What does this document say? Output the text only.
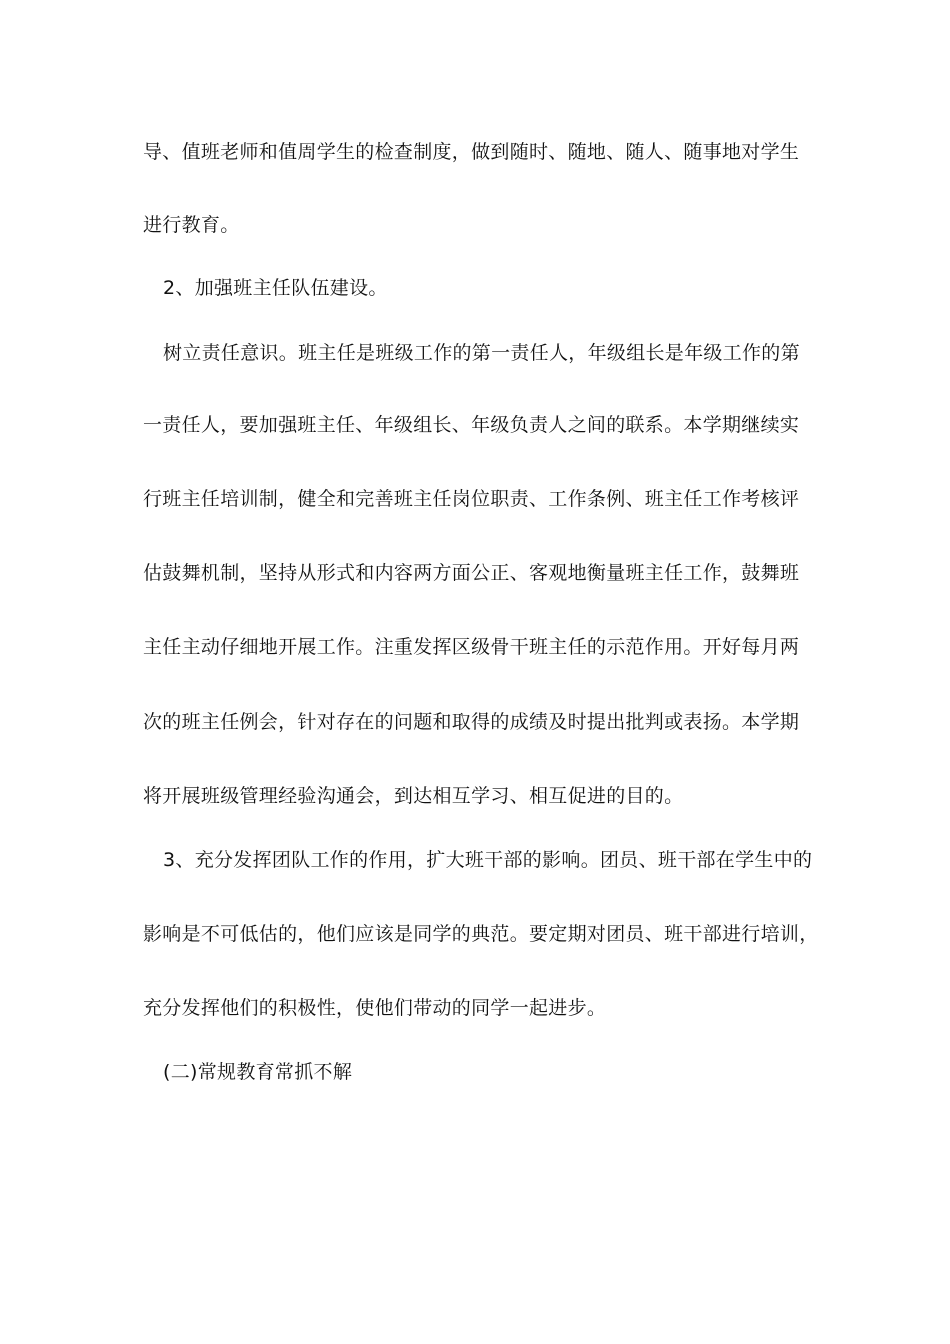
导、值班老师和值周学生的检查制度，做到随时、随地、随人、随事地对学生
进行教育。
2、加强班主任队伍建设。
树立责任意识。班主任是班级工作的第一责任人，年级组长是年级工作的第
一责任人，要加强班主任、年级组长、年级负责人之间的联系。本学期继续实
行班主任培训制，健全和完善班主任岗位职责、工作条例、班主任工作考核评
估鼓舞机制，坚持从形式和内容两方面公正、客观地衡量班主任工作，鼓舞班
主任主动仔细地开展工作。注重发挥区级骨干班主任的示范作用。开好每月两
次的班主任例会，针对存在的问题和取得的成绩及时提出批判或表扬。本学期
将开展班级管理经验沟通会，到达相互学习、相互促进的目的。
3、充分发挥团队工作的作用，扩大班干部的影响。团员、班干部在学生中的
影响是不可低估的，他们应该是同学的典范。要定期对团员、班干部进行培训，
充分发挥他们的积极性，使他们带动的同学一起进步。
(二)常规教育常抓不解
